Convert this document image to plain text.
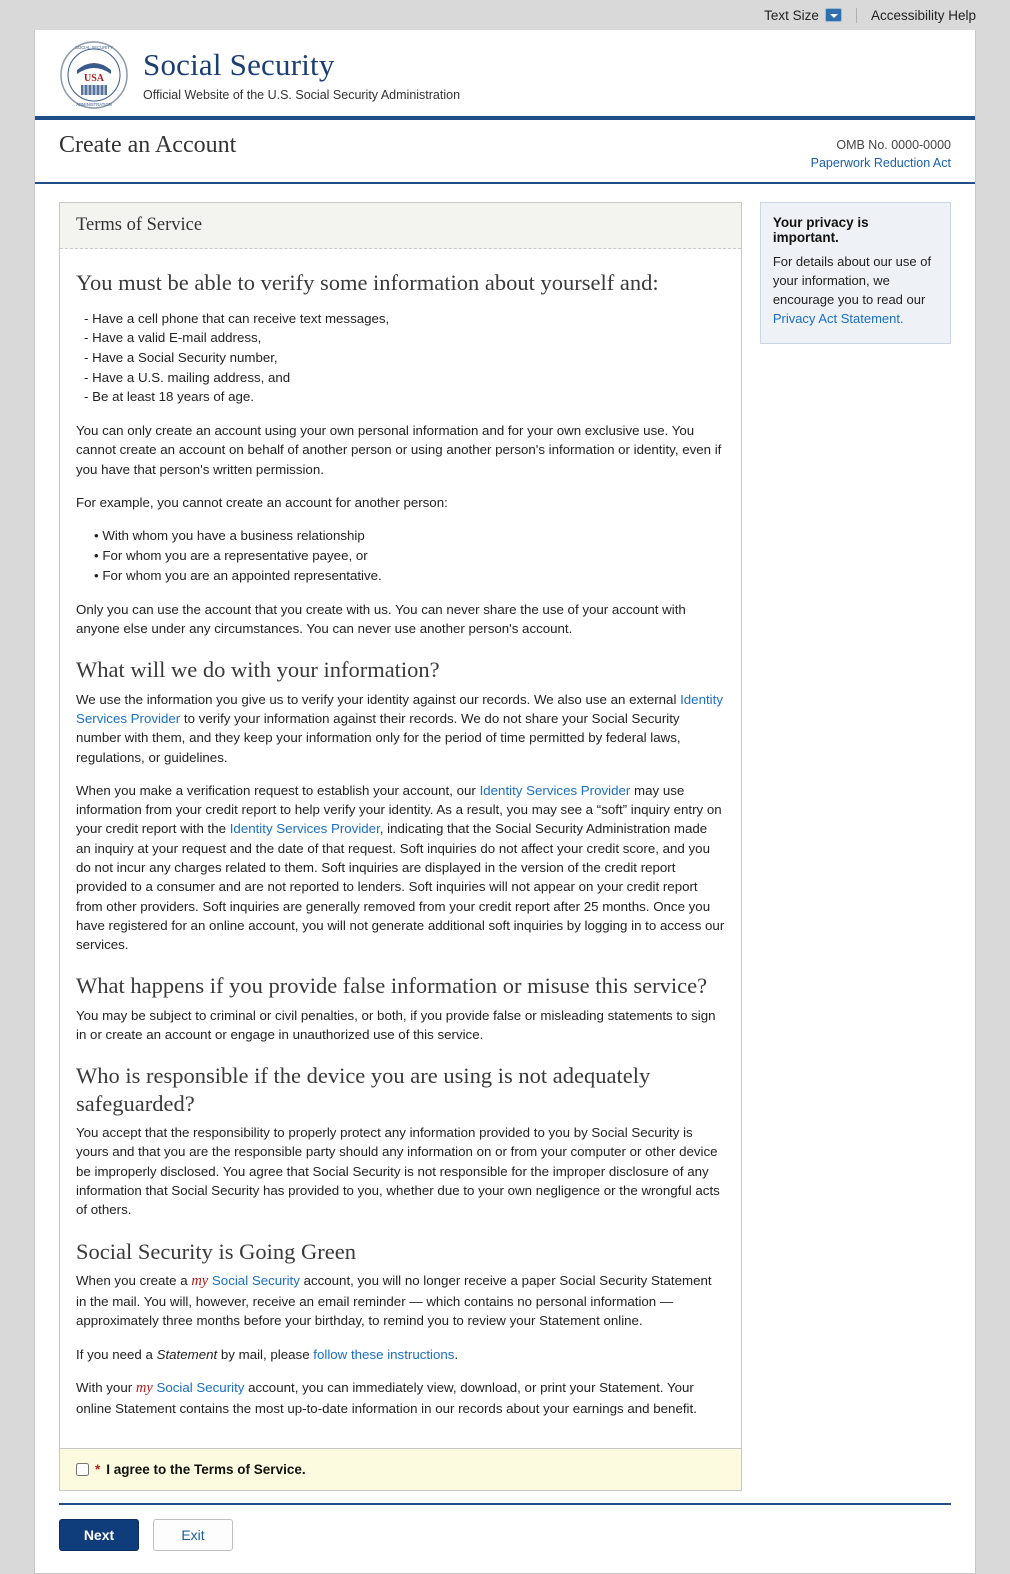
Text Size	Accessibility Help
USA
SOCIAL SECURITY
ADMINISTRATION
Social Security
Official Website of the U.S. Social Security Administration
Create an Account	OMB No. 0000-0000
Paperwork Reduction Act
Terms of Service
You must be able to verify some information about yourself and:
- Have a cell phone that can receive text messages,
- Have a valid E-mail address,
- Have a Social Security number,
- Have a U.S. mailing address, and
- Be at least 18 years of age.

You can only create an account using your own personal information and for your own exclusive use. You cannot create an account on behalf of another person or using another person's information or identity, even if you have that person's written permission.

For example, you cannot create an account for another person:

• With whom you have a business relationship
• For whom you are a representative payee, or
• For whom you are an appointed representative.

Only you can use the account that you create with us. You can never share the use of your account with anyone else under any circumstances. You can never use another person's account.

What will we do with your information?

We use the information you give us to verify your identity against our records. We also use an external Identity Services Provider to verify your information against their records. We do not share your Social Security number with them, and they keep your information only for the period of time permitted by federal laws, regulations, or guidelines.

When you make a verification request to establish your account, our Identity Services Provider may use information from your credit report to help verify your identity. As a result, you may see a “soft” inquiry entry on your credit report with the Identity Services Provider, indicating that the Social Security Administration made an inquiry at your request and the date of that request. Soft inquiries do not affect your credit score, and you do not incur any charges related to them. Soft inquiries are displayed in the version of the credit report provided to a consumer and are not reported to lenders. Soft inquiries will not appear on your credit report from other providers. Soft inquiries are generally removed from your credit report after 25 months. Once you have registered for an online account, you will not generate additional soft inquiries by logging in to access our services.

What happens if you provide false information or misuse this service?

You may be subject to criminal or civil penalties, or both, if you provide false or misleading statements to sign in or create an account or engage in unauthorized use of this service.

Who is responsible if the device you are using is not adequately safeguarded?

You accept that the responsibility to properly protect any information provided to you by Social Security is yours and that you are the responsible party should any information on or from your computer or other device be improperly disclosed. You agree that Social Security is not responsible for the improper disclosure of any information that Social Security has provided to you, whether due to your own negligence or the wrongful acts of others.

Social Security is Going Green

When you create a my Social Security account, you will no longer receive a paper Social Security Statement in the mail. You will, however, receive an email reminder — which contains no personal information — approximately three months before your birthday, to remind you to review your Statement online.

If you need a Statement by mail, please follow these instructions.

With your my Social Security account, you can immediately view, download, or print your Statement. Your online Statement contains the most up-to-date information in our records about your earnings and benefit.

* I agree to the Terms of Service.
Your privacy is important.

For details about our use of your information, we encourage you to read our Privacy Act Statement.

Next	Exit
